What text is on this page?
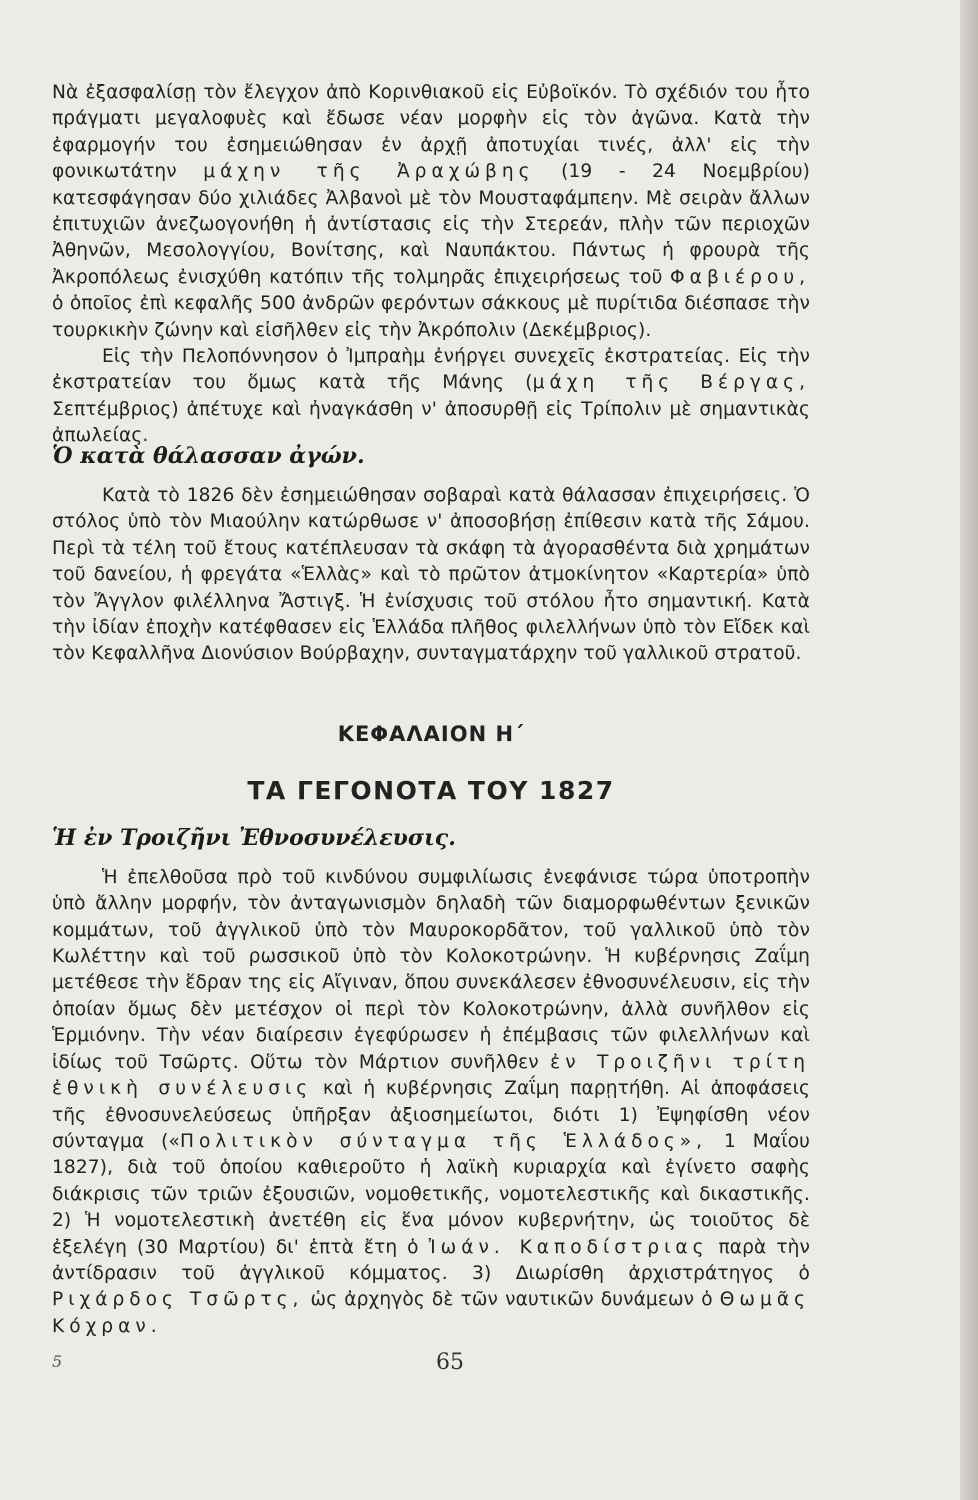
Νὰ ἐξασφαλίσῃ τὸν ἔλεγχον ἀπὸ Κορινθιακοῦ εἰς Εὐβοϊκόν. Τὸ σχέδιόν του ἦτο πράγματι μεγαλοφυὲς καὶ ἔδωσε νέαν μορφὴν εἰς τὸν ἀγῶνα. Κατὰ τὴν ἐφαρμογήν του ἐσημειώθησαν ἐν ἀρχῇ ἀποτυχίαι τινές, ἀλλ' εἰς τὴν φονικωτάτην μάχην τῆς Ἀραχώβης (19 - 24 Νοεμβρίου) κατεσφάγησαν δύο χιλιάδες Ἀλβανοὶ μὲ τὸν Μουσταφάμπεην. Μὲ σειρὰν ἄλλων ἐπιτυχιῶν ἀνεζωογονήθη ἡ ἀντίστασις εἰς τὴν Στερεάν, πλὴν τῶν περιοχῶν Ἀθηνῶν, Μεσολογγίου, Βονίτσης, καὶ Ναυπάκτου. Πάντως ἡ φρουρὰ τῆς Ἀκροπόλεως ἐνισχύθη κατόπιν τῆς τολμηρᾶς ἐπιχειρήσεως τοῦ Φαβιέρου, ὁ ὁποῖος ἐπὶ κεφαλῆς 500 ἀνδρῶν φερόντων σάκκους μὲ πυρίτιδα διέσπασε τὴν τουρκικὴν ζώνην καὶ εἰσῆλθεν εἰς τὴν Ἀκρόπολιν (Δεκέμβριος).

Εἰς τὴν Πελοπόννησον ὁ Ἰμπραὴμ ἐνήργει συνεχεῖς ἐκστρατείας. Εἰς τὴν ἐκστρατείαν του ὅμως κατὰ τῆς Μάνης (μάχη τῆς Βέργας, Σεπτέμβριος) ἀπέτυχε καὶ ἠναγκάσθη ν' ἀποσυρθῇ εἰς Τρίπολιν μὲ σημαντικὰς ἀπωλείας.

Ὁ κατὰ θάλασσαν ἀγών.

Κατὰ τὸ 1826 δὲν ἐσημειώθησαν σοβαραὶ κατὰ θάλασσαν ἐπιχειρήσεις. Ὁ στόλος ὑπὸ τὸν Μιαούλην κατώρθωσε ν' ἀποσοβήσῃ ἐπίθεσιν κατὰ τῆς Σάμου. Περὶ τὰ τέλη τοῦ ἔτους κατέπλευσαν τὰ σκάφη τὰ ἀγορασθέντα διὰ χρημάτων τοῦ δανείου, ἡ φρεγάτα «Ἑλλὰς» καὶ τὸ πρῶτον ἀτμοκίνητον «Καρτερία» ὑπὸ τὸν Ἄγγλον φιλέλληνα Ἄστιγξ. Ἡ ἐνίσχυσις τοῦ στόλου ἦτο σημαντική. Κατὰ τὴν ἰδίαν ἐποχὴν κατέφθασεν εἰς Ἑλλάδα πλῆθος φιλελλήνων ὑπὸ τὸν Εἴδεκ καὶ τὸν Κεφαλλῆνα Διονύσιον Βούρβαχην, συνταγματάρχην τοῦ γαλλικοῦ στρατοῦ.

ΚΕΦΑΛΑΙΟΝ Η΄
ΤΑ ΓΕΓΟΝΟΤΑ ΤΟΥ 1827
Ἡ ἐν Τροιζῆνι Ἐθνοσυνέλευσις.

Ἡ ἐπελθοῦσα πρὸ τοῦ κινδύνου συμφιλίωσις ἐνεφάνισε τώρα ὑποτροπὴν ὑπὸ ἄλλην μορφήν, τὸν ἀνταγωνισμὸν δηλαδὴ τῶν διαμορφωθέντων ξενικῶν κομμάτων, τοῦ ἀγγλικοῦ ὑπὸ τὸν Μαυροκορδᾶτον, τοῦ γαλλικοῦ ὑπὸ τὸν Κωλέττην καὶ τοῦ ρωσσικοῦ ὑπὸ τὸν Κολοκοτρώνην. Ἡ κυβέρνησις Ζαΐμη μετέθεσε τὴν ἕδραν της εἰς Αἴγιναν, ὅπου συνεκάλεσεν ἐθνοσυνέλευσιν, εἰς τὴν ὁποίαν ὅμως δὲν μετέσχον οἱ περὶ τὸν Κολοκοτρώνην, ἀλλὰ συνῆλθον εἰς Ἑρμιόνην. Τὴν νέαν διαίρεσιν ἐγεφύρωσεν ἡ ἐπέμβασις τῶν φιλελλήνων καὶ ἰδίως τοῦ Τσῶρτς. Οὕτω τὸν Μάρτιον συνῆλθεν ἐν Τροιζῆνι τρίτη ἐθνικὴ συνέλευσις καὶ ἡ κυβέρνησις Ζαΐμη παρῃτήθη. Αἱ ἀποφάσεις τῆς ἐθνοσυνελεύσεως ὑπῆρξαν ἀξιοσημείωτοι, διότι 1) Ἐψηφίσθη νέον σύνταγμα («Πολιτικὸν σύνταγμα τῆς Ἑλλάδος», 1 Μαΐου 1827), διὰ τοῦ ὁποίου καθιεροῦτο ἡ λαϊκὴ κυριαρχία καὶ ἐγίνετο σαφὴς διάκρισις τῶν τριῶν ἐξουσιῶν, νομοθετικῆς, νομοτελεστικῆς καὶ δικαστικῆς. 2) Ἡ νομοτελεστικὴ ἀνετέθη εἰς ἕνα μόνον κυβερνήτην, ὡς τοιοῦτος δὲ ἐξελέγη (30 Μαρτίου) δι' ἑπτὰ ἔτη ὁ Ἰωάν. Καποδίστριας παρὰ τὴν ἀντίδρασιν τοῦ ἀγγλικοῦ κόμματος. 3) Διωρίσθη ἀρχιστράτηγος ὁ Ριχάρδος Τσῶρτς, ὡς ἀρχηγὸς δὲ τῶν ναυτικῶν δυνάμεων ὁ Θωμᾶς Κόχραν.

5	65
